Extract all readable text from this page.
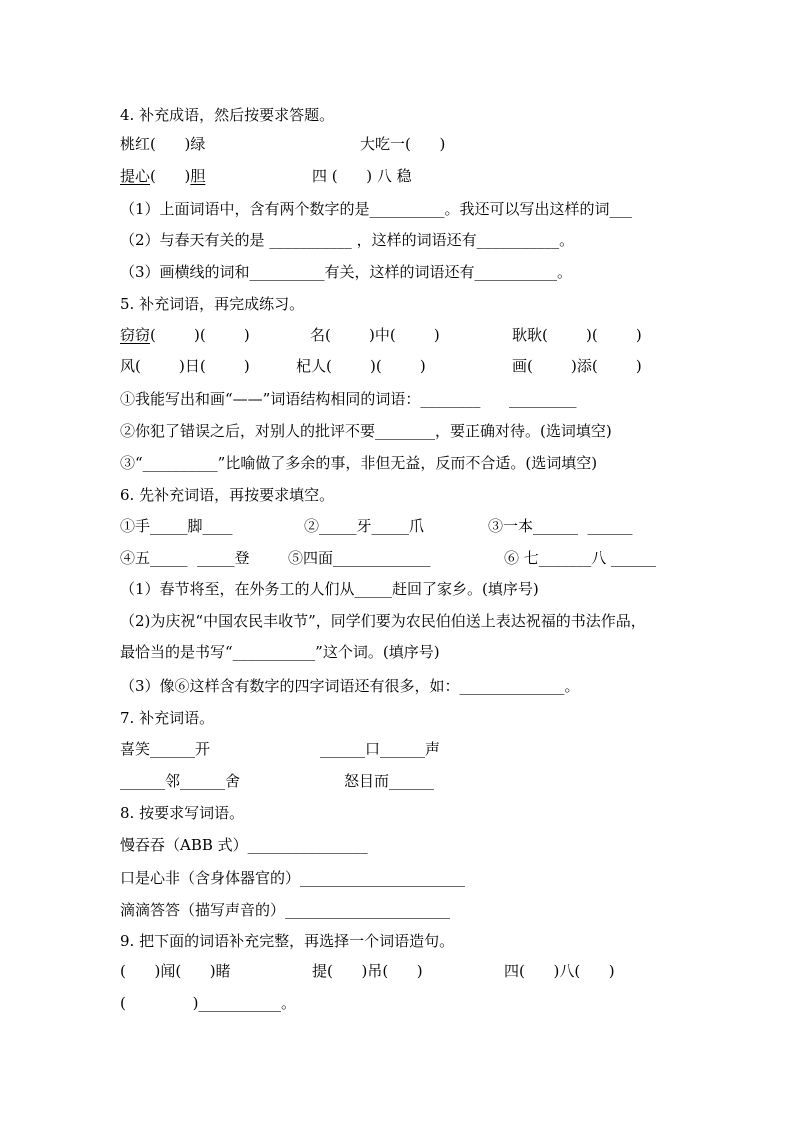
4. 补充成语，然后按要求答题。
桃红(      )绿	大吃一(      )
提心(      )胆	四 (      ) 八 稳
（1）上面词语中，含有两个数字的是__________。我还可以写出这样的词___
（2）与春天有关的是 ___________ ，这样的词语还有___________。
（3）画横线的词和__________有关，这样的词语还有___________。
5. 补充词语，再完成练习。
窃窃(        )(        )	名(        )中(        )	耿耿(        )(        )
风(        )日(        )	杞人(        )(        )	画(        )添(        )
①我能写出和画“——”词语结构相同的词语：________      _________
②你犯了错误之后，对别人的批评不要________，要正确对待。(选词填空)
③“__________”比喻做了多余的事，非但无益，反而不合适。(选词填空)
6. 先补充词语，再按要求填空。
①手_____脚____	②_____牙_____爪	③一本______  ______
④五_____  _____登	⑤四面_____________	⑥ 七_______八 ______
（1）春节将至，在外务工的人们从_____赶回了家乡。(填序号)
（2)为庆祝“中国农民丰收节”，同学们要为农民伯伯送上表达祝福的书法作品，
最恰当的是书写“___________”这个词。(填序号)
（3）像⑥这样含有数字的四字词语还有很多，如：______________。
7. 补充词语。
喜笑______开	______口______声
______邻______舍	怒目而______
8. 按要求写词语。
慢吞吞（ABB 式）________________
口是心非（含身体器官的）______________________
滴滴答答（描写声音的）______________________
9. 把下面的词语补充完整，再选择一个词语造句。
(      )闻(      )睹	提(      )吊(      )	四(      )八(      )
(              )___________。
